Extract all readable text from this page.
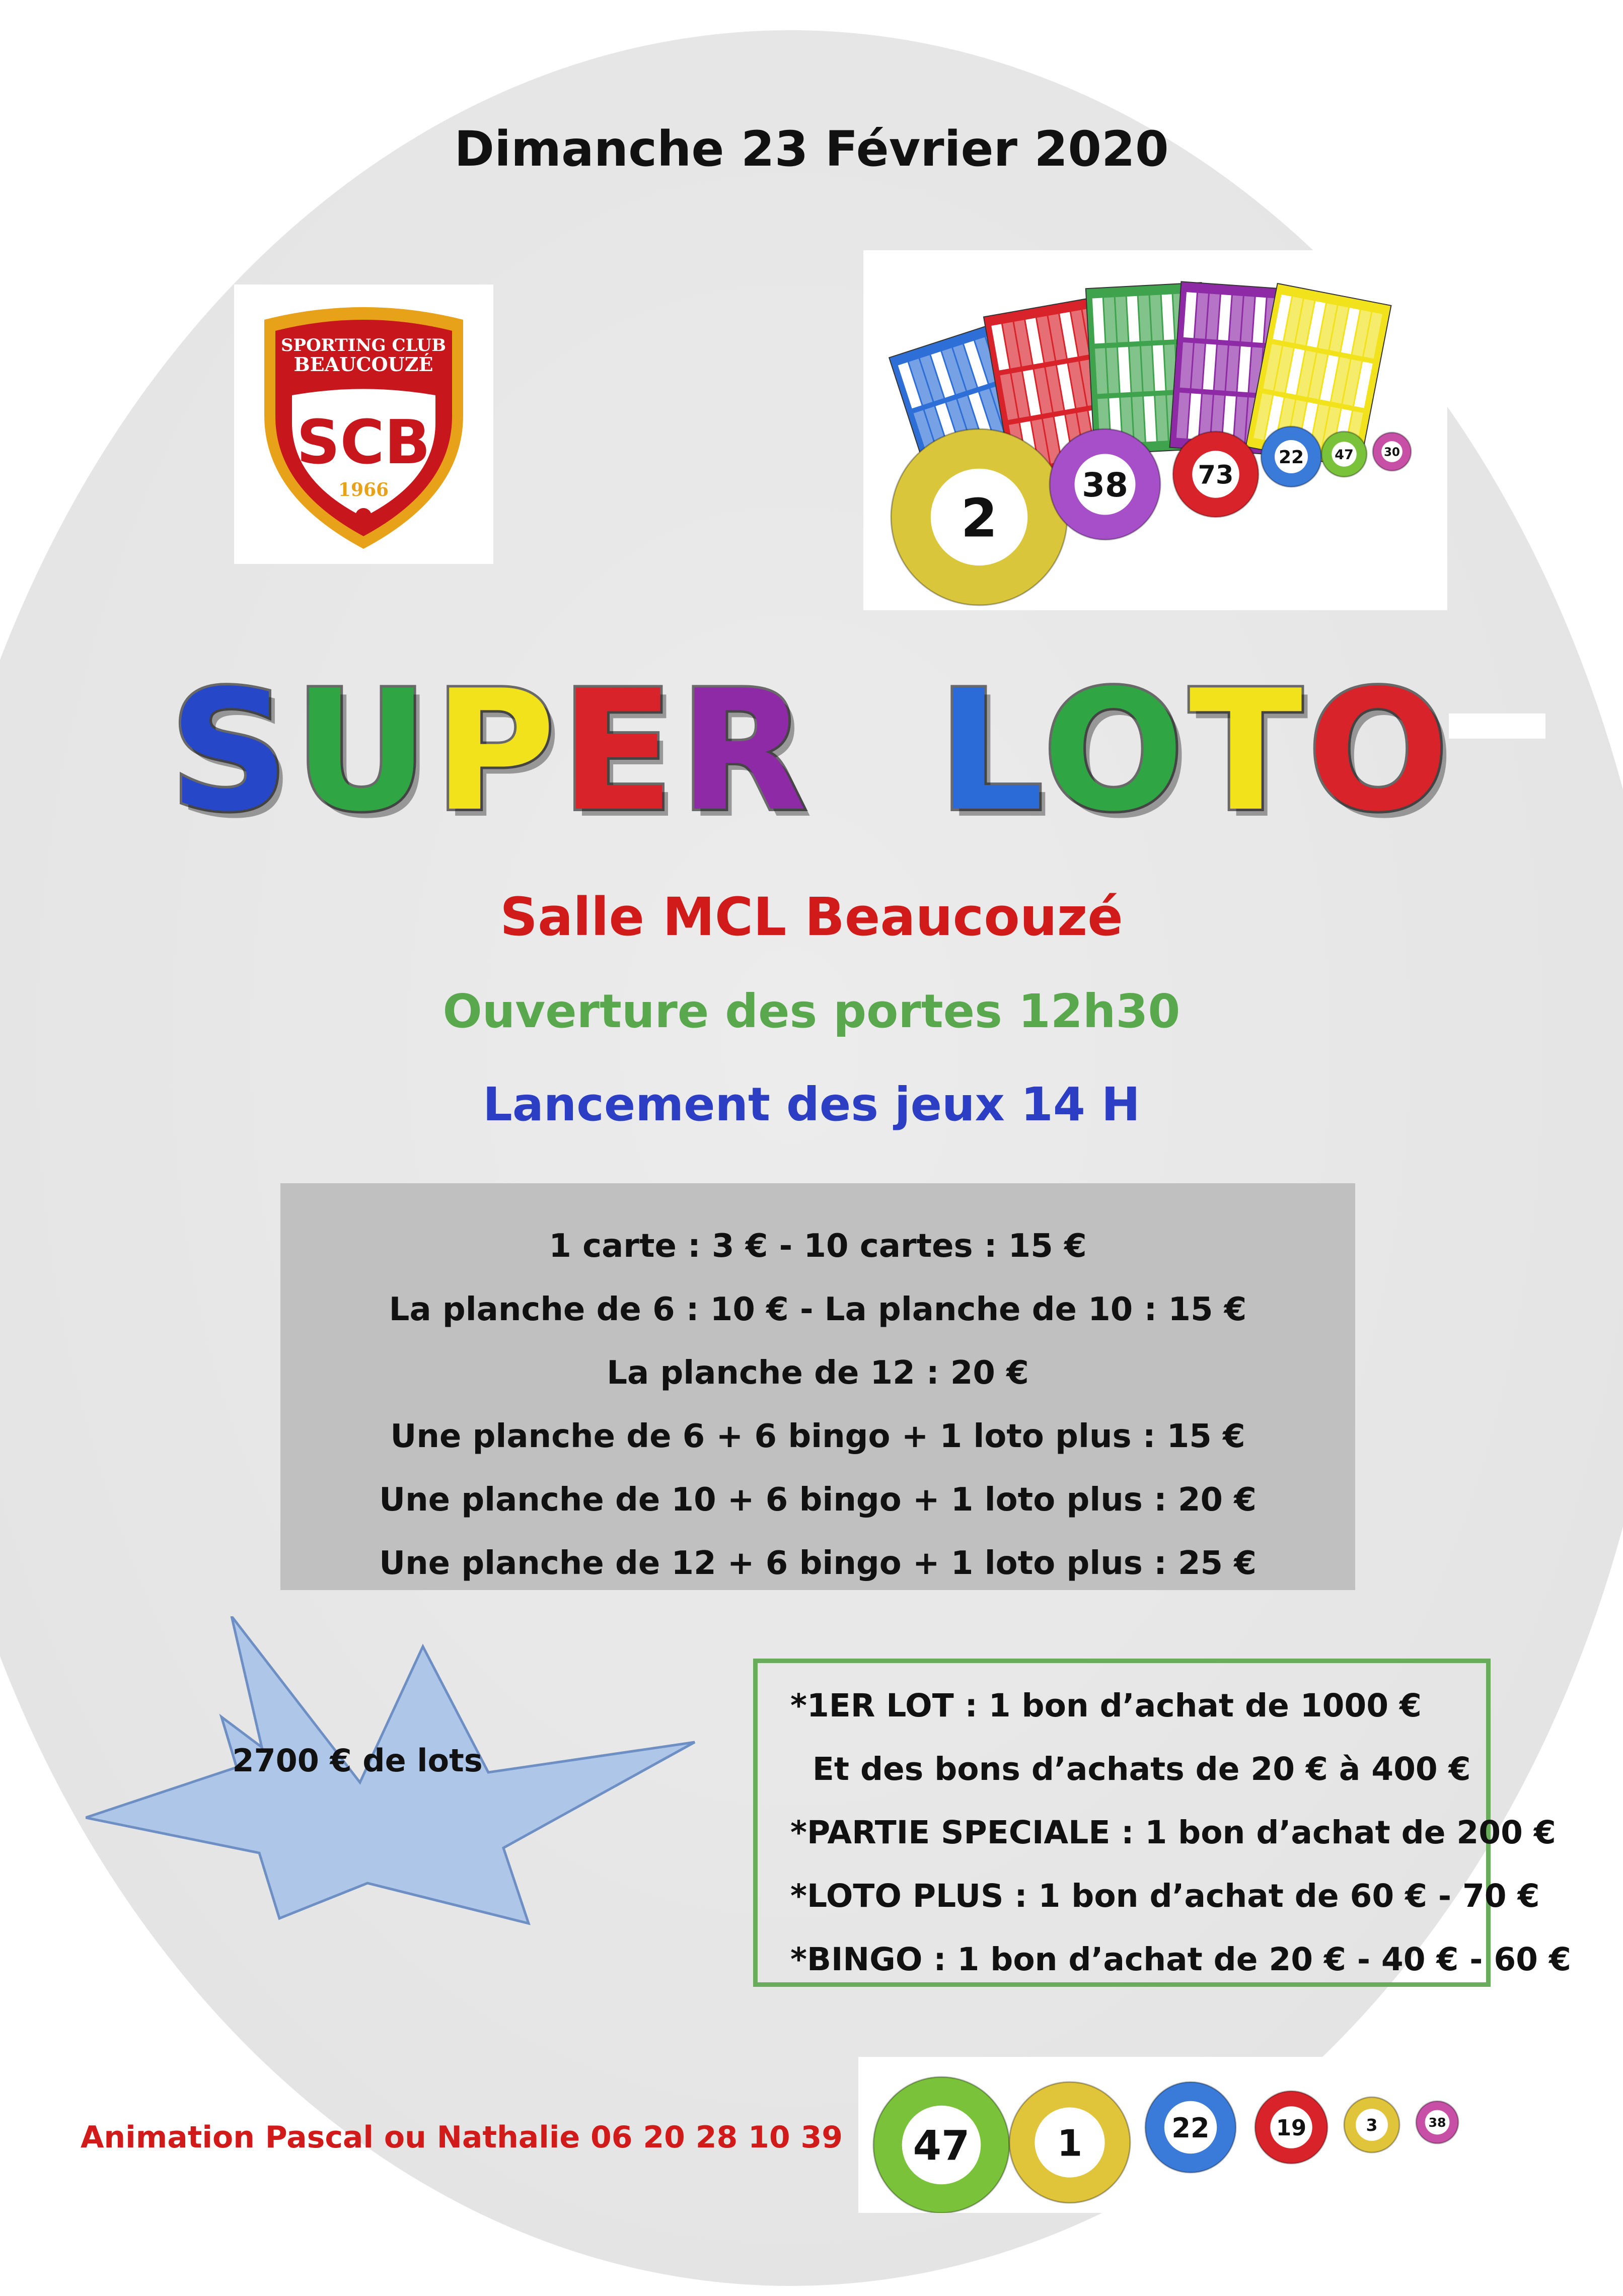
Dimanche 23 Février 2020
SPORTING CLUB
BEAUCOUZÉ
SCB
1966	2
38	73
22 47	30
SUPER LOTO
Salle MCL Beaucouzé
Ouverture des portes 12h30
Lancement des jeux 14 H
1 carte : 3 € - 10 cartes : 15 €
La planche de 6 : 10 € - La planche de 10 : 15 €
La planche de 12 : 20 €
Une planche de 6 + 6 bingo + 1 loto plus : 15 €
Une planche de 10 + 6 bingo + 1 loto plus : 20 €
Une planche de 12 + 6 bingo + 1 loto plus : 25 €
2700 € de lots
*1ER LOT : 1 bon d’achat de 1000 €
Et des bons d’achats de 20 € à 400 €
*PARTIE SPECIALE : 1 bon d’achat de 200 €
*LOTO PLUS : 1 bon d’achat de 60 € - 70 €
*BINGO : 1 bon d’achat de 20 € - 40 € - 60 €
Animation Pascal ou Nathalie 06 20 28 10 39 47 1	22	19	3	38
